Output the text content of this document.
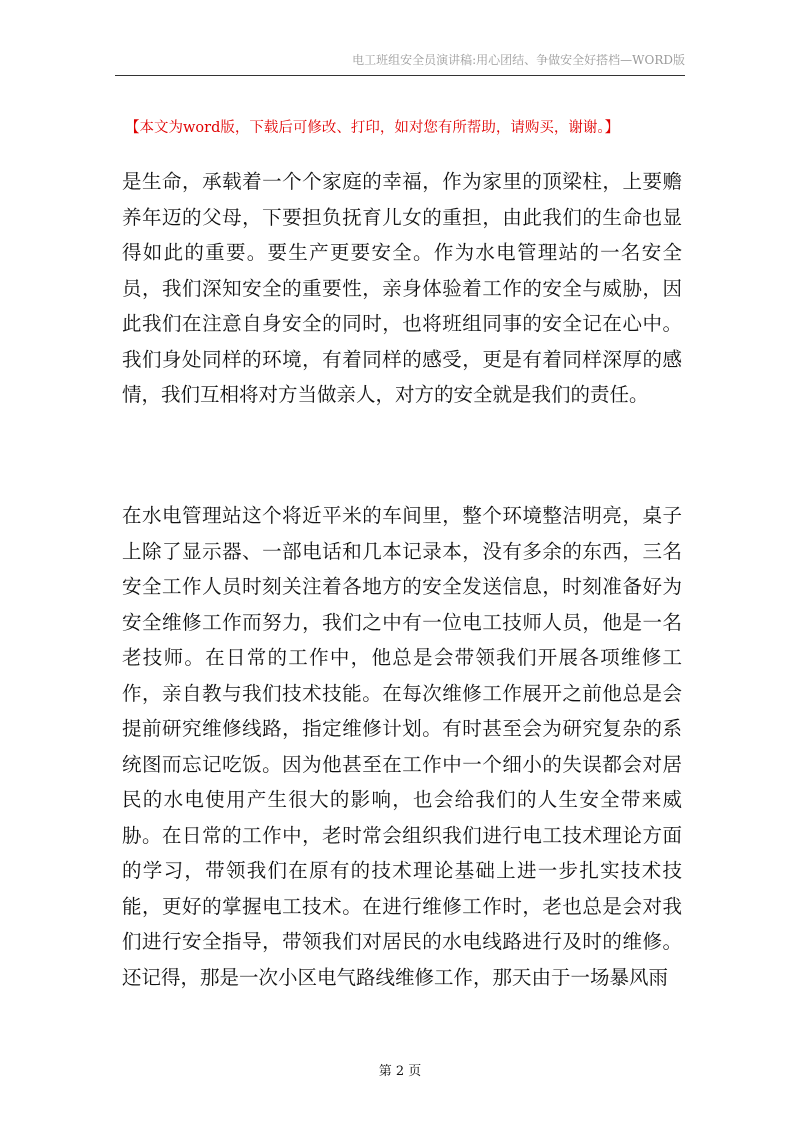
电工班组安全员演讲稿:用心团结、争做安全好搭档—WORD版
【本文为word版，下载后可修改、打印，如对您有所帮助，请购买，谢谢。】

是生命，承载着一个个家庭的幸福，作为家里的顶梁柱，上要赡养年迈的父母，下要担负抚育儿女的重担，由此我们的生命也显得如此的重要。要生产更要安全。作为水电管理站的一名安全员，我们深知安全的重要性，亲身体验着工作的安全与威胁，因此我们在注意自身安全的同时，也将班组同事的安全记在心中。我们身处同样的环境，有着同样的感受，更是有着同样深厚的感情，我们互相将对方当做亲人，对方的安全就是我们的责任。

在水电管理站这个将近平米的车间里，整个环境整洁明亮，桌子上除了显示器、一部电话和几本记录本，没有多余的东西，三名安全工作人员时刻关注着各地方的安全发送信息，时刻准备好为安全维修工作而努力，我们之中有一位电工技师人员，他是一名老技师。在日常的工作中，他总是会带领我们开展各项维修工作，亲自教与我们技术技能。在每次维修工作展开之前他总是会提前研究维修线路，指定维修计划。有时甚至会为研究复杂的系统图而忘记吃饭。因为他甚至在工作中一个细小的失误都会对居民的水电使用产生很大的影响，也会给我们的人生安全带来威胁。在日常的工作中，老时常会组织我们进行电工技术理论方面的学习，带领我们在原有的技术理论基础上进一步扎实技术技能，更好的掌握电工技术。在进行维修工作时，老也总是会对我们进行安全指导，带领我们对居民的水电线路进行及时的维修。还记得，那是一次小区电气路线维修工作，那天由于一场暴风雨

第 2 页
